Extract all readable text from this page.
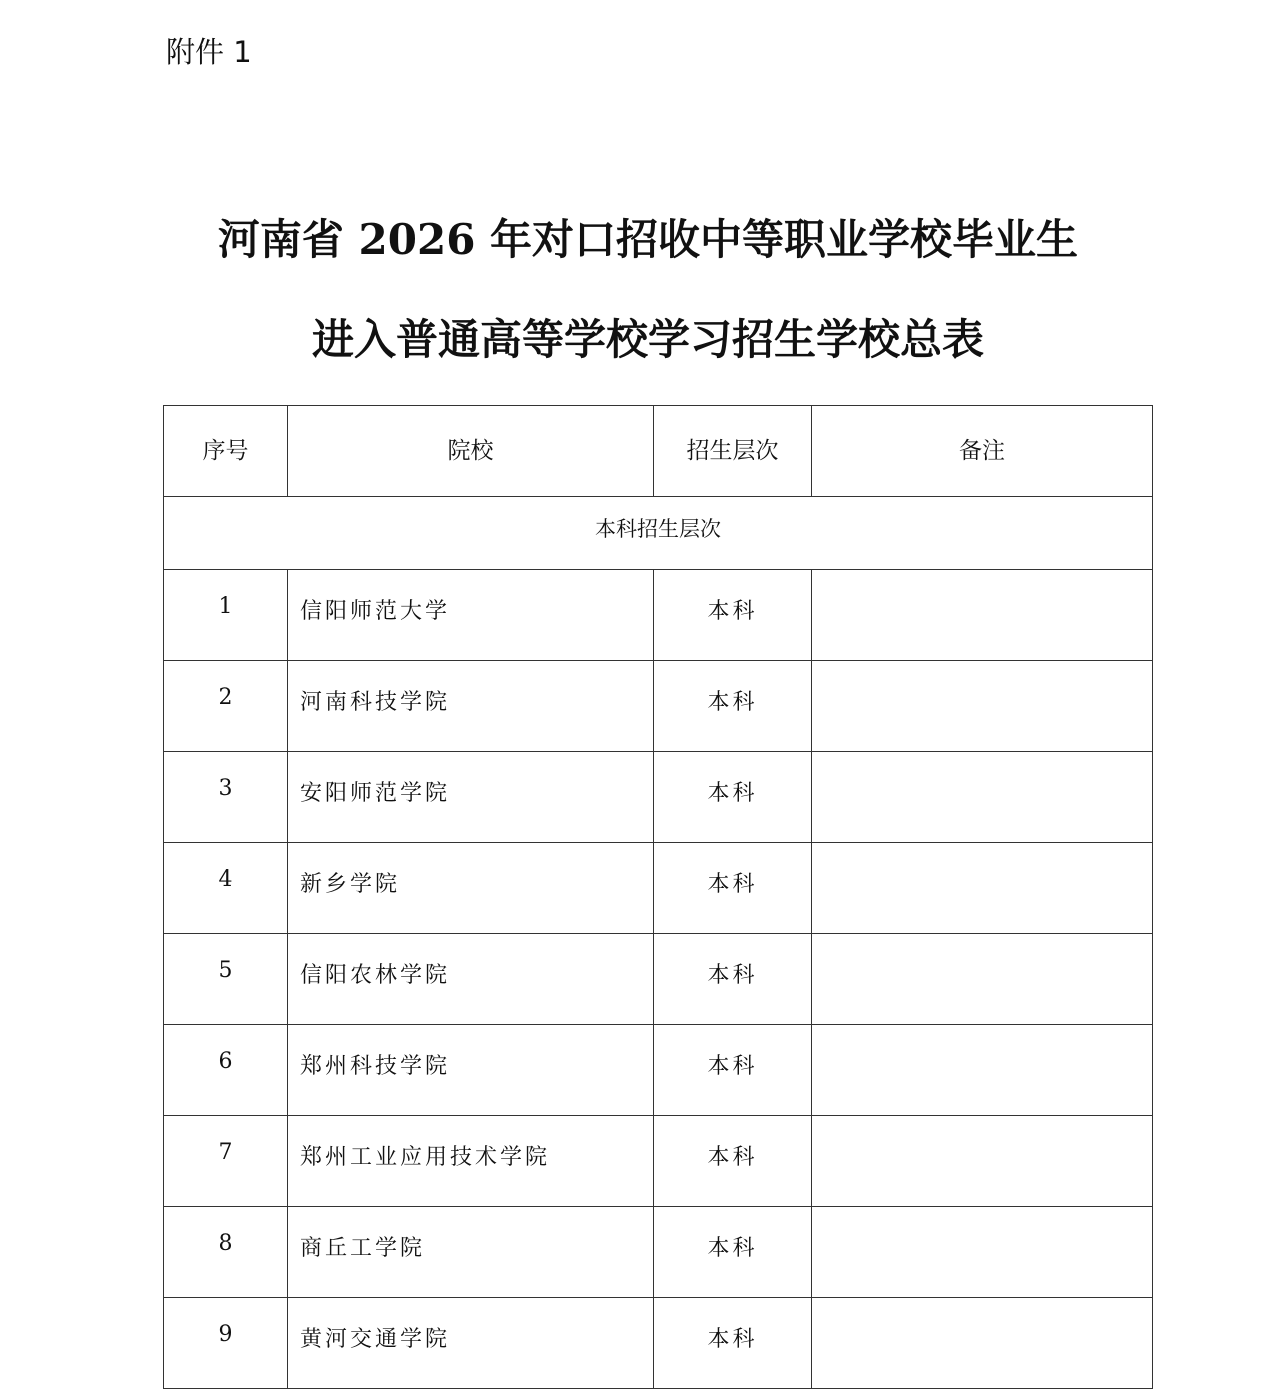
附件 1
河南省 2026 年对口招收中等职业学校毕业生
进入普通高等学校学习招生学校总表
序号	院校	招生层次	备注
本科招生层次			
1	信阳师范大学	本科	
2	河南科技学院	本科	
3	安阳师范学院	本科	
4	新乡学院	本科	
5	信阳农林学院	本科	
6	郑州科技学院	本科	
7	郑州工业应用技术学院	本科	
8	商丘工学院	本科	
9	黄河交通学院	本科	
